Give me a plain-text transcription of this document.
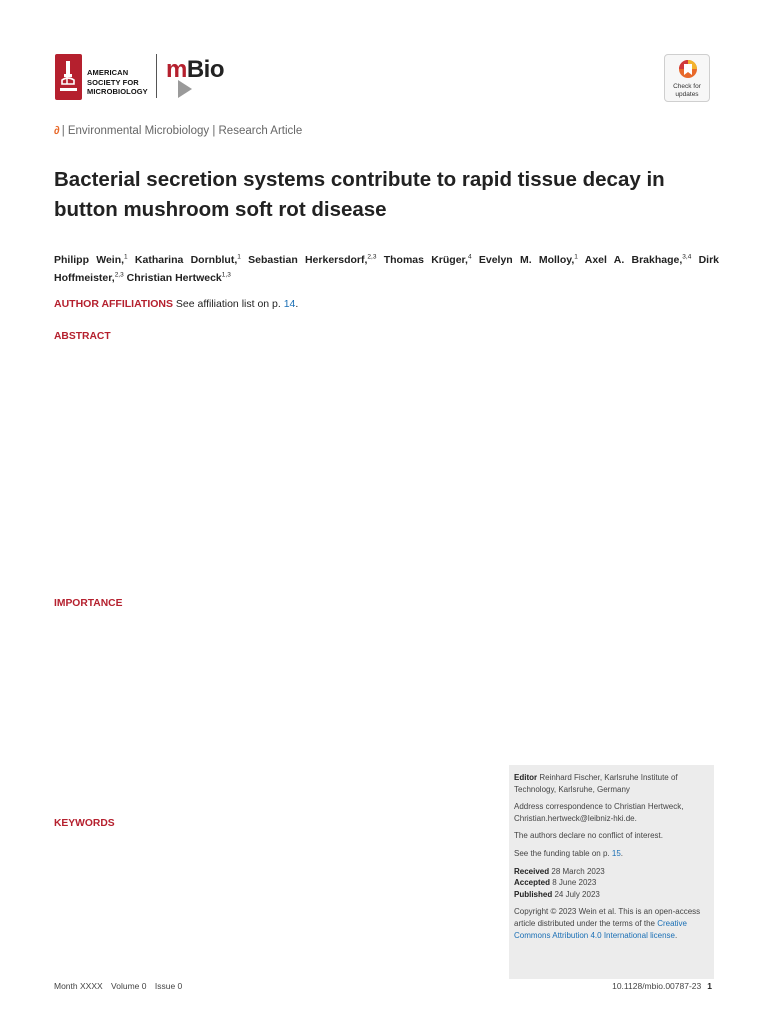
AMERICAN
SOCIETY FOR
MICROBIOLOGY
mBio
Check for
updates
∂ | Environmental Microbiology | Research Article
Bacterial secretion systems contribute to rapid tissue decay in button mushroom soft rot disease
Philipp Wein,$^1$ Katharina Dornblut,$^1$ Sebastian Herkersdorf,$^{2,3}$ Thomas Krüger,$^4$ Evelyn M. Molloy,$^1$ Axel A. Brakhage,$^{3,4}$ Dirk Hoffmeister,$^{2,3}$ Christian Hertweck$^{1,3}$
AUTHOR AFFILIATIONS See affiliation list on p. 14.
ABSTRACT
IMPORTANCE
KEYWORDS

Editor Reinhard Fischer, Karlsruhe Institute of Technology, Karlsruhe, Germany

Address correspondence to Christian Hertweck,
Christian.hertweck@leibniz-hki.de.

The authors declare no conflict of interest.

See the funding table on p. 15.

Received 28 March 2023

Accepted 8 June 2023

Published 24 July 2023

Copyright © 2023 Wein et al. This is an open-access article distributed under the terms of the Creative Commons Attribution 4.0 International license.

Month XXXX Volume 0 Issue 0	10.1128/mbio.00787-23 1
